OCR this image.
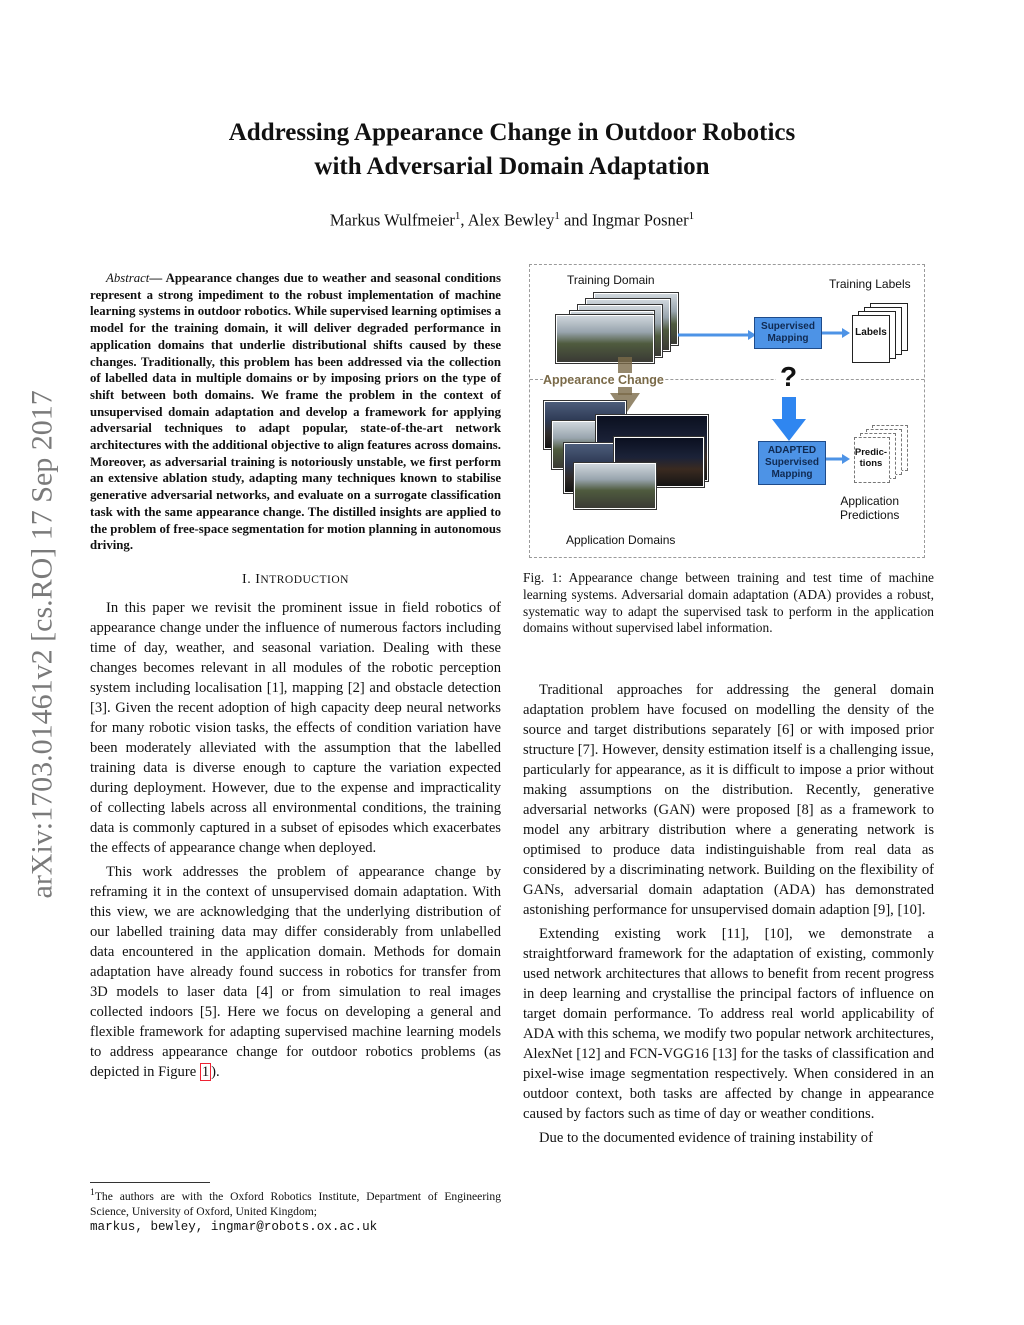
arXiv:1703.01461v2 [cs.RO] 17 Sep 2017
Addressing Appearance Change in Outdoor Robotics
with Adversarial Domain Adaptation
Markus Wulfmeier$^1$, Alex Bewley$^1$ and Ingmar Posner$^1$

Abstract— Appearance changes due to weather and seasonal conditions represent a strong impediment to the robust implementation of machine learning systems in outdoor robotics. While supervised learning optimises a model for the training domain, it will deliver degraded performance in application domains that underlie distributional shifts caused by these changes. Traditionally, this problem has been addressed via the collection of labelled data in multiple domains or by imposing priors on the type of shift between both domains. We frame the problem in the context of unsupervised domain adaptation and develop a framework for applying adversarial techniques to adapt popular, state-of-the-art network architectures with the additional objective to align features across domains. Moreover, as adversarial training is notoriously unstable, we first perform an extensive ablation study, adapting many techniques known to stabilise generative adversarial networks, and evaluate on a surrogate classification task with the same appearance change. The distilled insights are applied to the problem of free-space segmentation for motion planning in autonomous driving.

I. INTRODUCTION

In this paper we revisit the prominent issue in field robotics of appearance change under the influence of numerous factors including time of day, weather, and seasonal variation. Dealing with these changes becomes relevant in all modules of the robotic perception system including localisation [1], mapping [2] and obstacle detection [3]. Given the recent adoption of high capacity deep neural networks for many robotic vision tasks, the effects of condition variation have been moderately alleviated with the assumption that the labelled training data is diverse enough to capture the variation expected during deployment. However, due to the expense and impracticality of collecting labels across all environmental conditions, the training data is commonly captured in a subset of episodes which exacerbates the effects of appearance change when deployed.

This work addresses the problem of appearance change by reframing it in the context of unsupervised domain adaptation. With this view, we are acknowledging that the underlying distribution of our labelled training data may differ considerably from unlabelled data encountered in the application domain. Methods for domain adaptation have already found success in robotics for transfer from 3D models to laser data [4] or from simulation to real images collected indoors [5]. Here we focus on developing a general and flexible framework for adapting supervised machine learning models to address appearance change for outdoor robotics problems (as depicted in Figure 1 ).

$^1$The authors are with the Oxford Robotics Institute, Department of Engineering Science, University of Oxford, United Kingdom;
markus, bewley, ingmar@robots.ox.ac.uk
Training Domain	Training Labels
Supervised Mapping
Labels
Appearance Change	?
ADAPTED
Supervised
Mapping
Predic-
tions
Application
Predictions
Application Domains
Fig. 1: Appearance change between training and test time of machine learning systems. Adversarial domain adaptation (ADA) provides a robust, systematic way to adapt the supervised task to perform in the application domains without supervised label information.

Traditional approaches for addressing the general domain adaptation problem have focused on modelling the density of the source and target distributions separately [6] or with imposed prior structure [7]. However, density estimation itself is a challenging issue, particularly for appearance, as it is difficult to impose a prior without making assumptions on the distribution. Recently, generative adversarial networks (GAN) were proposed [8] as a framework to model any arbitrary distribution where a generating network is optimised to produce data indistinguishable from real data as considered by a discriminating network. Building on the flexibility of GANs, adversarial domain adaptation (ADA) has demonstrated astonishing performance for unsupervised domain adaption [9], [10].

Extending existing work [11], [10], we demonstrate a straightforward framework for the adaptation of existing, commonly used network architectures that allows to benefit from recent progress in deep learning and crystallise the principal factors of influence on target domain performance. To address real world applicability of ADA with this schema, we modify two popular network architectures, AlexNet [12] and FCN-VGG16 [13] for the tasks of classification and pixel-wise image segmentation respectively. When considered in an outdoor context, both tasks are affected by change in appearance caused by factors such as time of day or weather conditions.

Due to the documented evidence of training instability of
